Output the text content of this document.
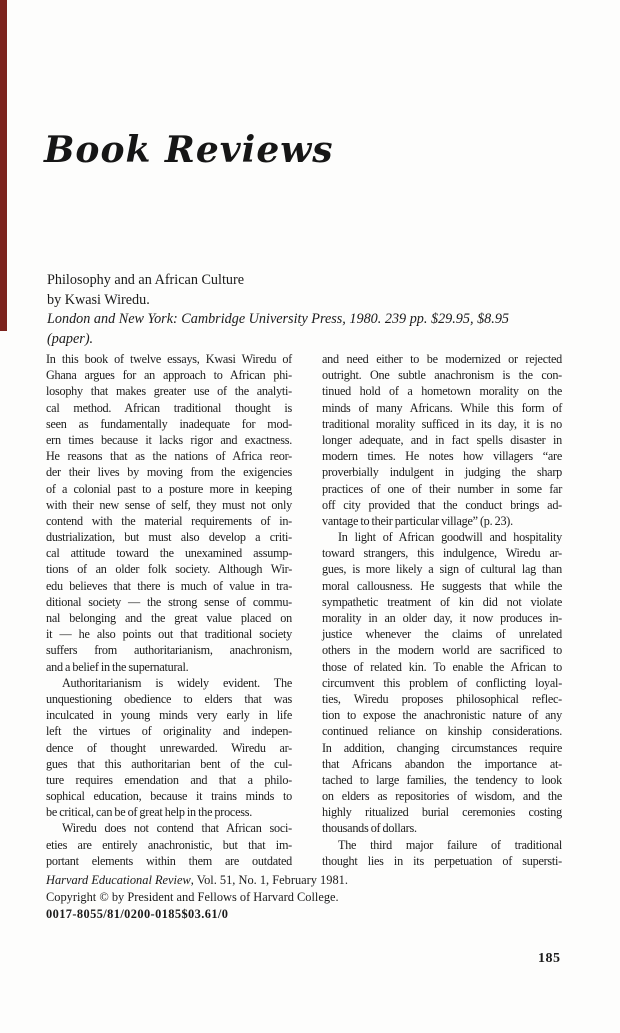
Book Reviews
Philosophy and an African Culture
by Kwasi Wiredu.
London and New York: Cambridge University Press, 1980. 239 pp. $29.95, $8.95
(paper).
In this book of twelve essays, Kwasi Wiredu of
Ghana argues for an approach to African phi-
losophy that makes greater use of the analyti-
cal method. African traditional thought is
seen as fundamentally inadequate for mod-
ern times because it lacks rigor and exactness.
He reasons that as the nations of Africa reor-
der their lives by moving from the exigencies
of a colonial past to a posture more in keeping
with their new sense of self, they must not only
contend with the material requirements of in-
dustrialization, but must also develop a criti-
cal attitude toward the unexamined assump-
tions of an older folk society. Although Wir-
edu believes that there is much of value in tra-
ditional society — the strong sense of commu-
nal belonging and the great value placed on
it — he also points out that traditional society
suffers from authoritarianism, anachronism,
and a belief in the supernatural.
Authoritarianism is widely evident. The
unquestioning obedience to elders that was
inculcated in young minds very early in life
left the virtues of originality and indepen-
dence of thought unrewarded. Wiredu ar-
gues that this authoritarian bent of the cul-
ture requires emendation and that a philo-
sophical education, because it trains minds to
be critical, can be of great help in the process.
Wiredu does not contend that African soci-
eties are entirely anachronistic, but that im-
portant elements within them are outdated
and need either to be modernized or rejected
outright. One subtle anachronism is the con-
tinued hold of a hometown morality on the
minds of many Africans. While this form of
traditional morality sufficed in its day, it is no
longer adequate, and in fact spells disaster in
modern times. He notes how villagers “are
proverbially indulgent in judging the sharp
practices of one of their number in some far
off city provided that the conduct brings ad-
vantage to their particular village” (p. 23).
In light of African goodwill and hospitality
toward strangers, this indulgence, Wiredu ar-
gues, is more likely a sign of cultural lag than
moral callousness. He suggests that while the
sympathetic treatment of kin did not violate
morality in an older day, it now produces in-
justice whenever the claims of unrelated
others in the modern world are sacrificed to
those of related kin. To enable the African to
circumvent this problem of conflicting loyal-
ties, Wiredu proposes philosophical reflec-
tion to expose the anachronistic nature of any
continued reliance on kinship considerations.
In addition, changing circumstances require
that Africans abandon the importance at-
tached to large families, the tendency to look
on elders as repositories of wisdom, and the
highly ritualized burial ceremonies costing
thousands of dollars.
The third major failure of traditional
thought lies in its perpetuation of supersti-
Harvard Educational Review, Vol. 51, No. 1, February 1981.
Copyright © by President and Fellows of Harvard College.
0017-8055/81/0200-0185$03.61/0
185
